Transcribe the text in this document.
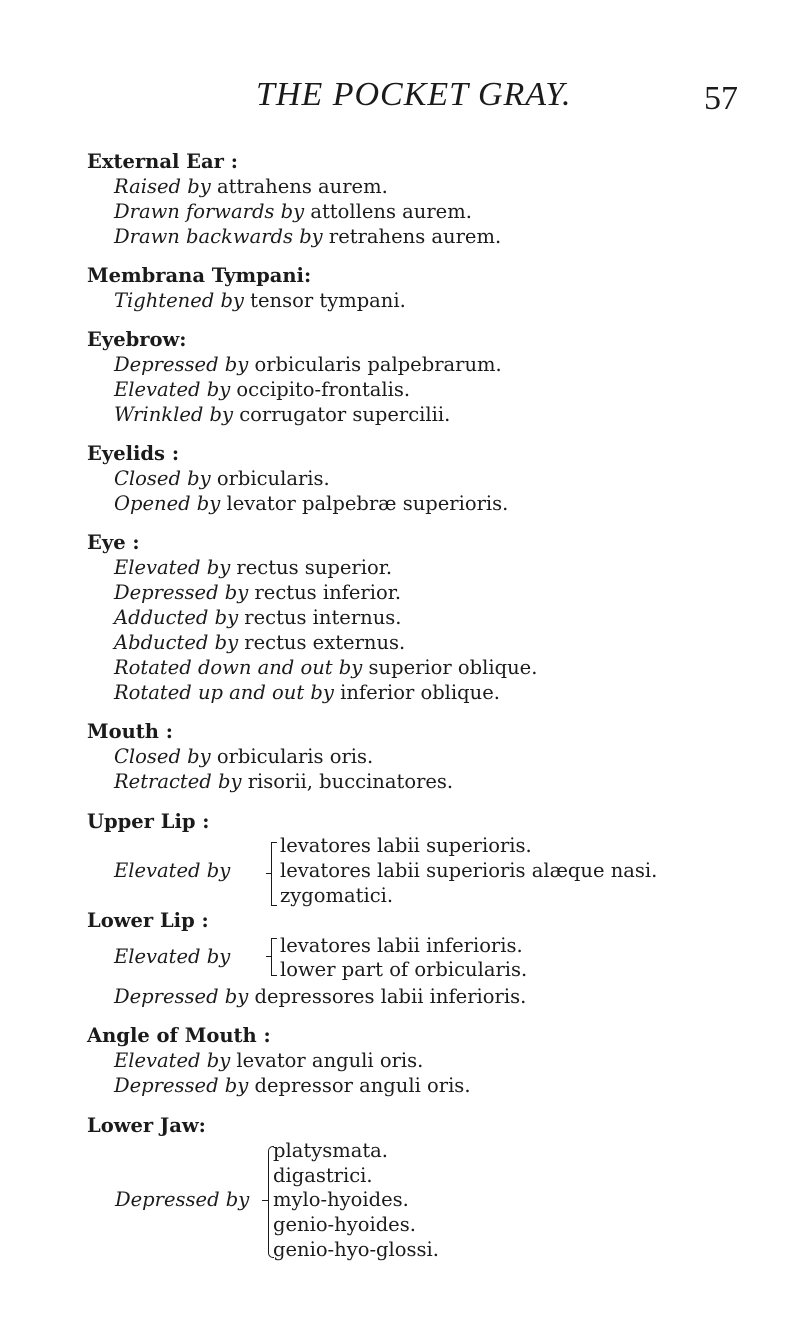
THE POCKET GRAY.	57
External Ear :
Raised by attrahens aurem.
Drawn forwards by attollens aurem.
Drawn backwards by retrahens aurem.
Membrana Tympani:
Tightened by tensor tympani.
Eyebrow:
Depressed by orbicularis palpebrarum.
Elevated by occipito-frontalis.
Wrinkled by corrugator supercilii.
Eyelids :
Closed by orbicularis.
Opened by levator palpebræ superioris.
Eye :
Elevated by rectus superior.
Depressed by rectus inferior.
Adducted by rectus internus.
Abducted by rectus externus.
Rotated down and out by superior oblique.
Rotated up and out by inferior oblique.
Mouth :
Closed by orbicularis oris.
Retracted by risorii, buccinatores.
Upper Lip :
Elevated by
levatores labii superioris.
levatores labii superioris alæque nasi.
zygomatici.
Lower Lip :
Elevated by	levatores labii inferioris.
lower part of orbicularis.
Depressed by depressores labii inferioris.
Angle of Mouth :
Elevated by levator anguli oris.
Depressed by depressor anguli oris.
Lower Jaw:
Depressed by
platysmata.
digastrici.
mylo-hyoides.
genio-hyoides.
genio-hyo-glossi.
